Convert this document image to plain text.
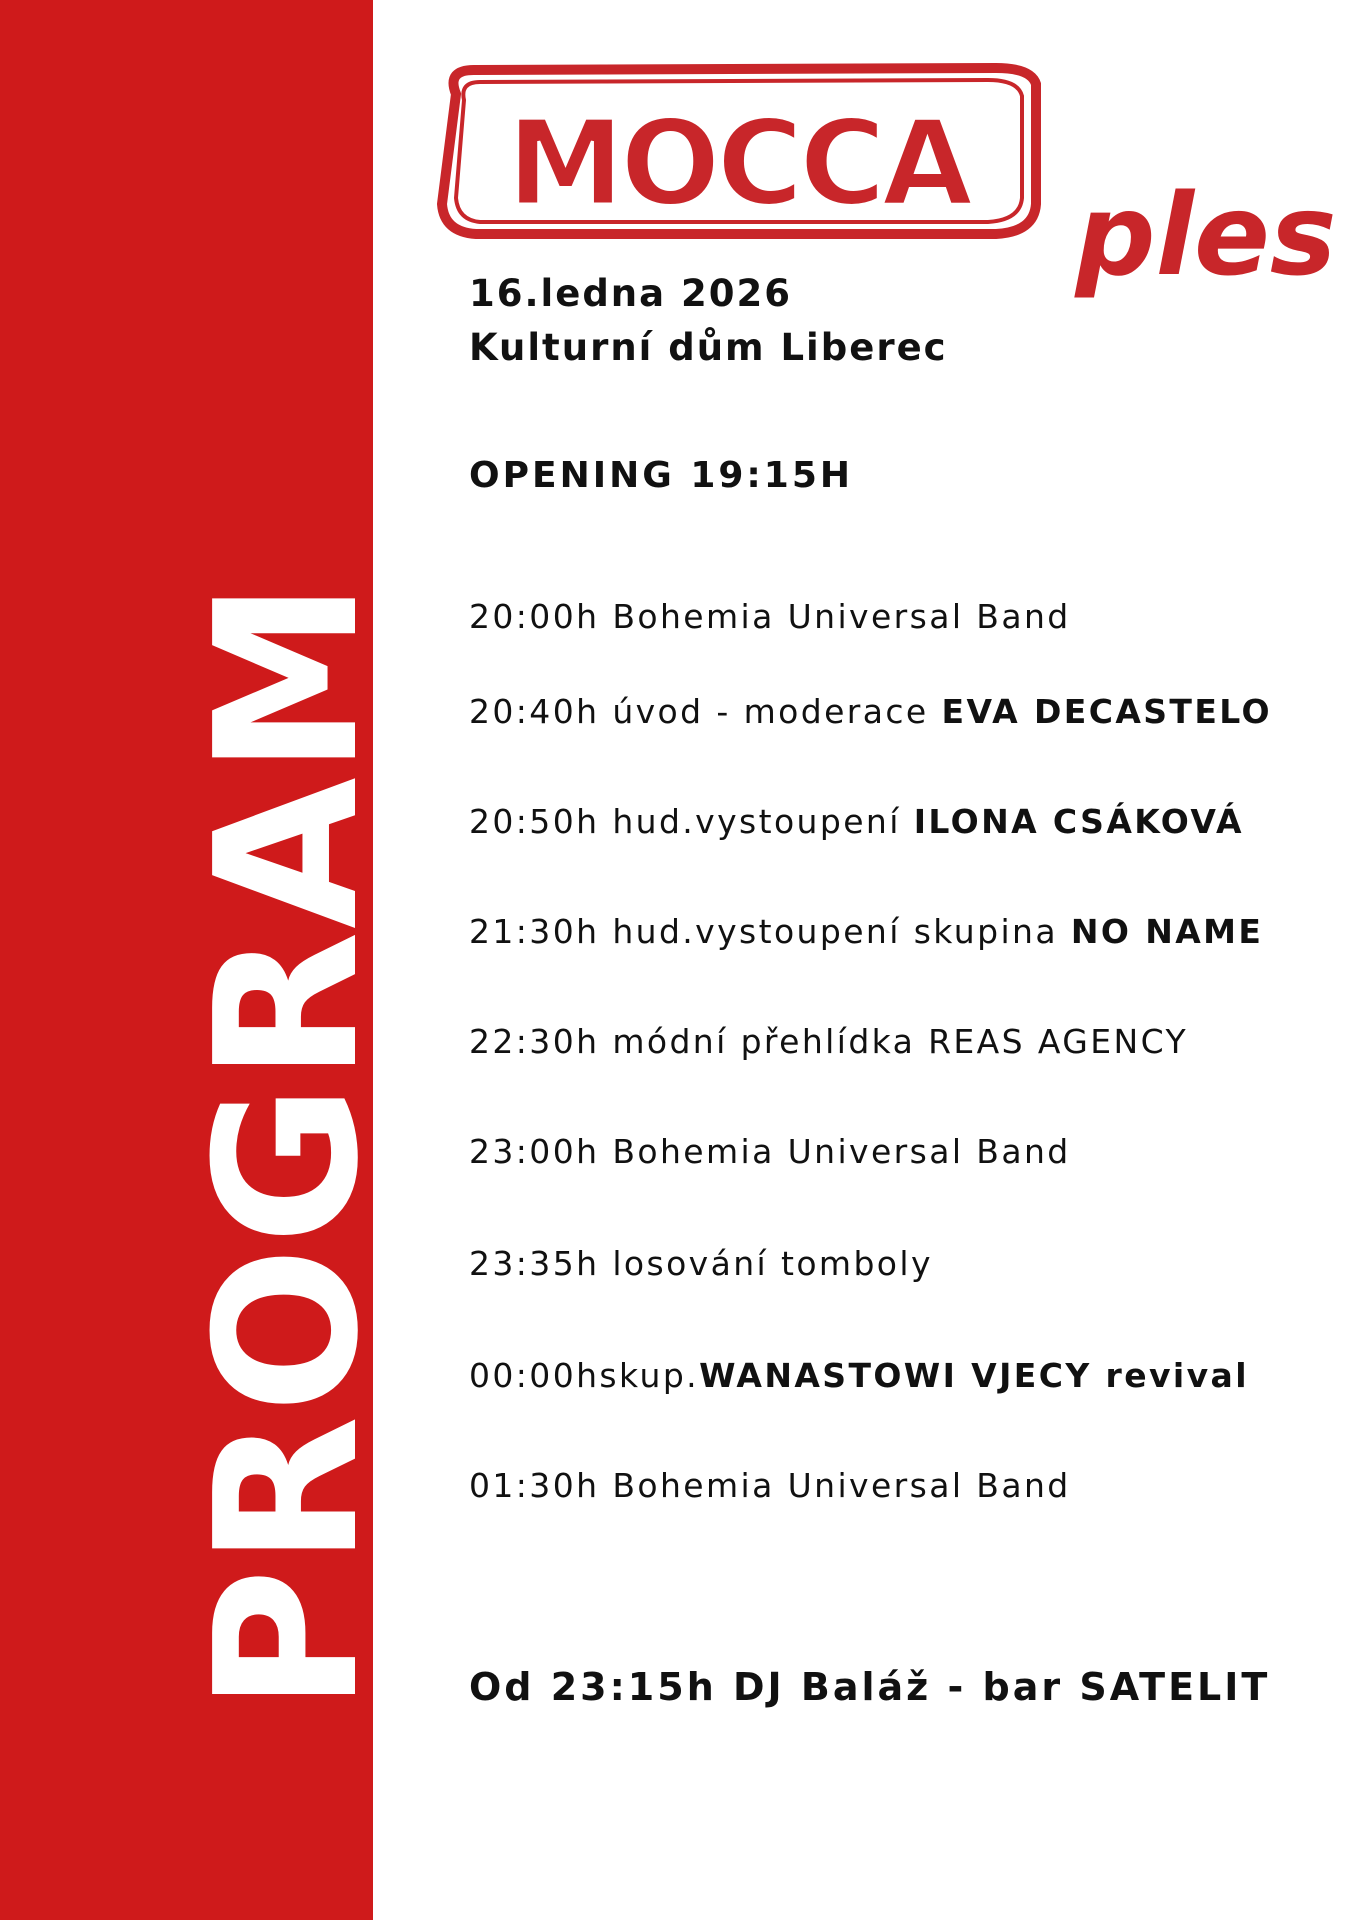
PROGRAM
MOCCA
ples
16.ledna 2026
Kulturní dům Liberec
OPENING 19:15H
20:00h Bohemia Universal Band
20:40h úvod - moderace EVA DECASTELO
20:50h hud.vystoupení ILONA CSÁKOVÁ
21:30h hud.vystoupení skupina NO NAME
22:30h módní přehlídka REAS AGENCY
23:00h Bohemia Universal Band
23:35h losování tomboly
00:00hskup.WANASTOWI VJECY revival
01:30h Bohemia Universal Band
Od 23:15h DJ Baláž - bar SATELIT
